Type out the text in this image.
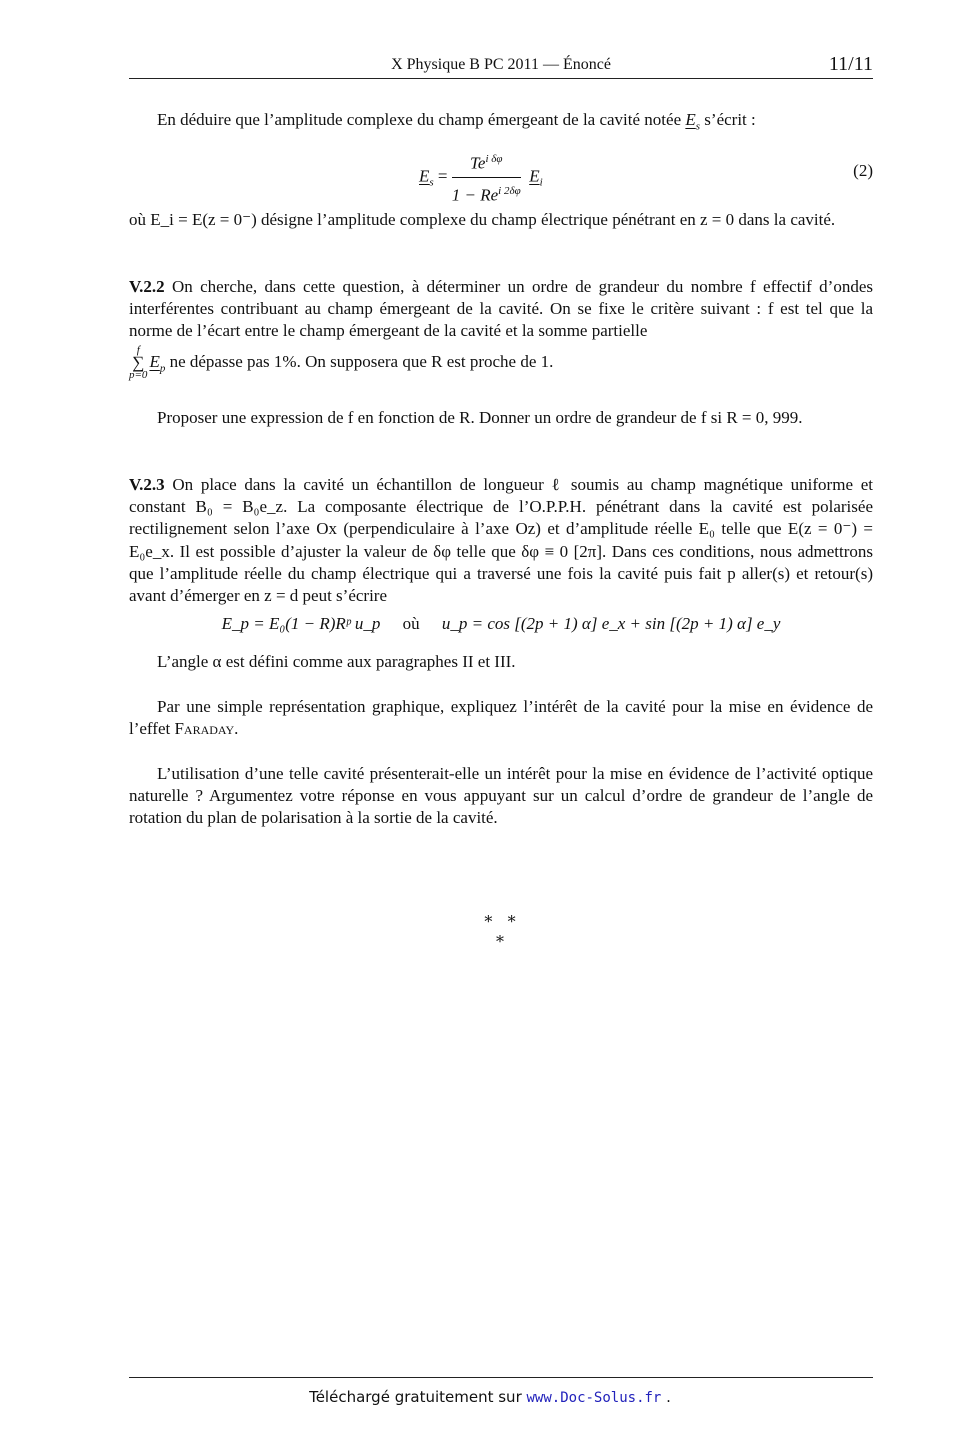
X Physique B PC 2011 — Énoncé	11/11
En déduire que l’amplitude complexe du champ émergeant de la cavité notée $E_s$ s’écrit :
$E_s = \frac{Te^{i \delta\varphi}}{1 - Re^{i 2\delta\varphi}} E_i$
(2)
où E_i = E(z = 0⁻) désigne l’amplitude complexe du champ électrique pénétrant en z = 0 dans la cavité.
V.2.2 On cherche, dans cette question, à déterminer un ordre de grandeur du nombre f effectif d’ondes interférentes contribuant au champ émergeant de la cavité. On se fixe le critère suivant : f est tel que la norme de l’écart entre le champ émergeant de la cavité et la somme partielle
f
∑
$p=0E_p$ ne dépasse pas 1%. On supposera que R est proche de 1.
Proposer une expression de f en fonction de R. Donner un ordre de grandeur de f si R = 0, 999.
V.2.3 On place dans la cavité un échantillon de longueur ℓ soumis au champ magnétique uniforme et constant B₀ = B₀e_z. La composante électrique de l’O.P.P.H. pénétrant dans la cavité est polarisée rectilignement selon l’axe Ox (perpendiculaire à l’axe Oz) et d’amplitude réelle E₀ telle que E(z = 0⁻) = E₀e_x. Il est possible d’ajuster la valeur de δφ telle que δφ ≡ 0 [2π]. Dans ces conditions, nous admettrons que l’amplitude réelle du champ électrique qui a traversé une fois la cavité puis fait p aller(s) et retour(s) avant d’émerger en z = d peut s’écrire
E_p = E₀(1 − R)Rᵖ u_p où u_p = cos [(2p + 1) α] e_x + sin [(2p + 1) α] e_y
L’angle α est défini comme aux paragraphes II et III.
Par une simple représentation graphique, expliquez l’intérêt de la cavité pour la mise en évidence de l’effet Faraday.
L’utilisation d’une telle cavité présenterait-elle un intérêt pour la mise en évidence de l’activité optique naturelle ? Argumentez votre réponse en vous appuyant sur un calcul d’ordre de grandeur de l’angle de rotation du plan de polarisation à la sortie de la cavité.
*   *
*
Téléchargé gratuitement sur www.Doc-Solus.fr .
